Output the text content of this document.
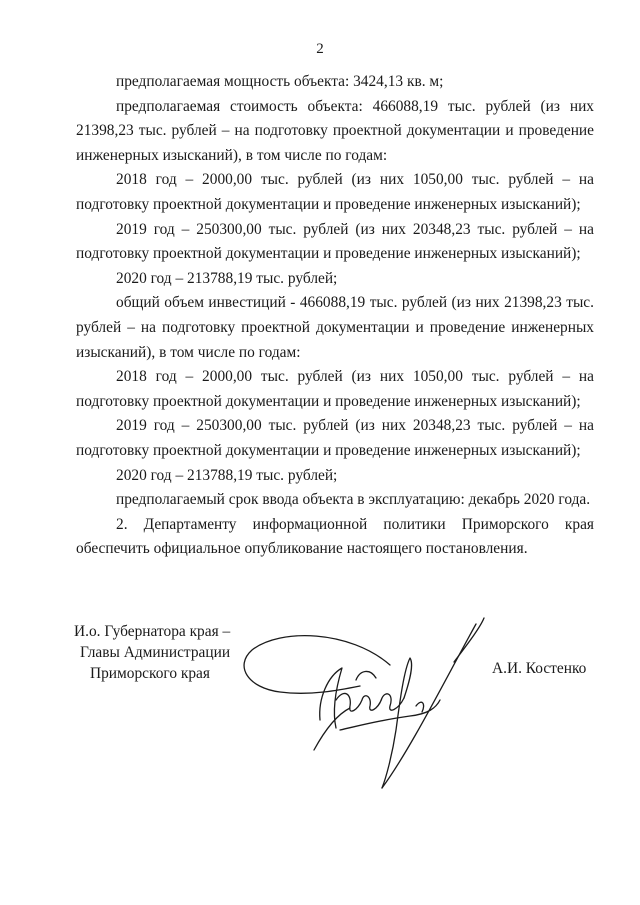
2

предполагаемая мощность объекта: 3424,13 кв. м;

предполагаемая стоимость объекта: 466088,19 тыс. рублей (из них 21398,23 тыс. рублей – на подготовку проектной документации и проведение инженерных изысканий), в том числе по годам:

2018 год – 2000,00 тыс. рублей (из них 1050,00 тыс. рублей – на подготовку проектной документации и проведение инженерных изысканий);

2019 год – 250300,00 тыс. рублей (из них 20348,23 тыс. рублей – на подготовку проектной документации и проведение инженерных изысканий);

2020 год – 213788,19 тыс. рублей;

общий объем инвестиций - 466088,19 тыс. рублей (из них 21398,23 тыс. рублей – на подготовку проектной документации и проведение инженерных изысканий), в том числе по годам:

2018 год – 2000,00 тыс. рублей (из них 1050,00 тыс. рублей – на подготовку проектной документации и проведение инженерных изысканий);

2019 год – 250300,00 тыс. рублей (из них 20348,23 тыс. рублей – на подготовку проектной документации и проведение инженерных изысканий);

2020 год – 213788,19 тыс. рублей;

предполагаемый срок ввода объекта в эксплуатацию: декабрь 2020 года.

2. Департаменту информационной политики Приморского края обеспечить официальное опубликование настоящего постановления.

И.о. Губернатора края –
Главы Администрации
Приморского края	А.И. Костенко
